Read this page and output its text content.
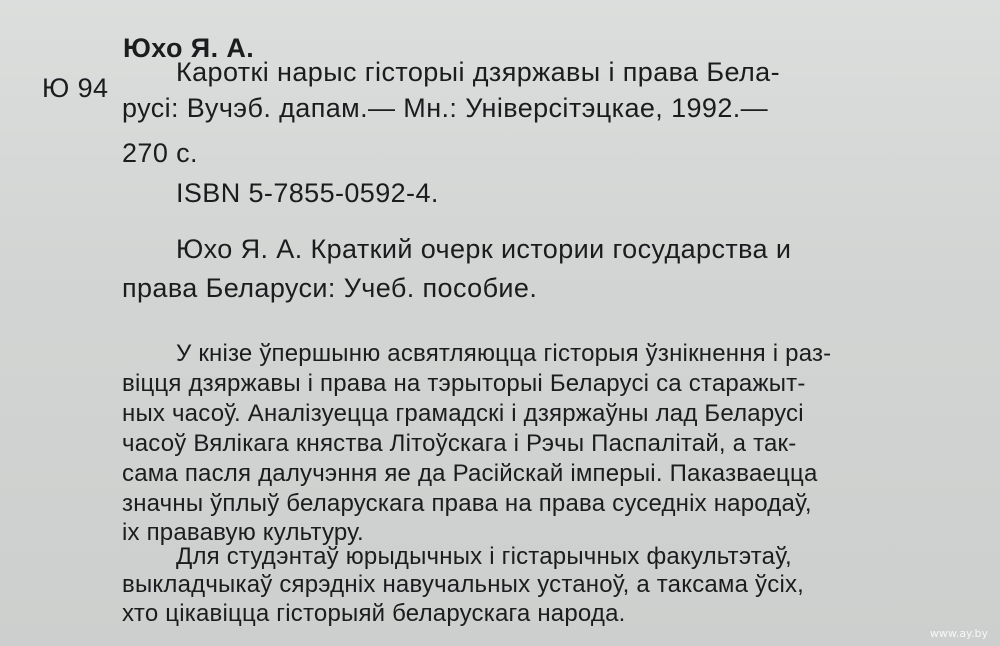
Юхо Я. А.
Ю 94
Кароткі нарыс гісторыі дзяржавы і права Бела-
русі: Вучэб. дапам.— Мн.: Універсітэцкае, 1992.—
270 с.
ISBN 5-7855-0592-4.
Юхо Я. А. Краткий очерк истории государства и
права Беларуси: Учеб. пособие.
У кнізе ўпершыню асвятляюцца гісторыя ўзнікнення і раз-
віцця дзяржавы і права на тэрыторыі Беларусі са старажыт-
ных часоў. Аналізуецца грамадскі і дзяржаўны лад Беларусі
часоў Вялікага княства Літоўскага і Рэчы Паспалітай, а так-
сама пасля далучэння яе да Расійскай імперыі. Паказваецца
значны ўплыў беларускага права на права суседніх народаў,
іх прававую культуру.
Для студэнтаў юрыдычных і гістарычных факультэтаў,
выкладчыкаў сярэдніх навучальных устаноў, а таксама ўсіх,
хто цікавіцца гісторыяй беларускага народа.
www.ay.by
